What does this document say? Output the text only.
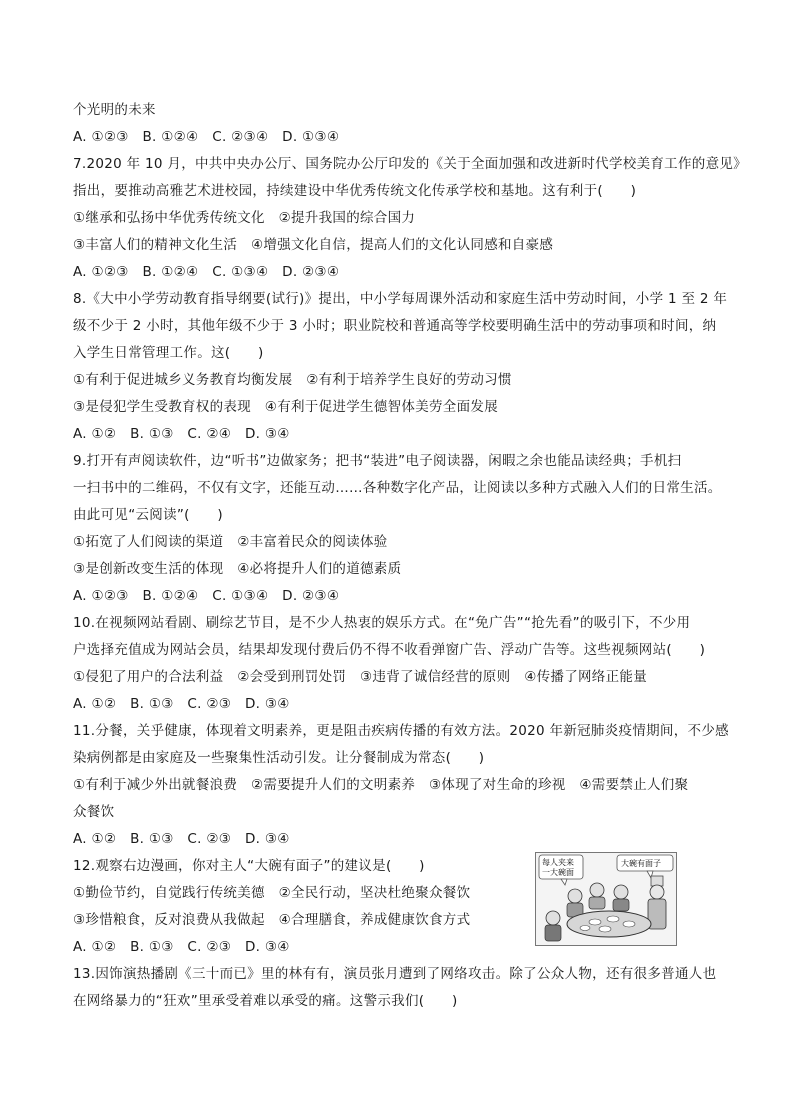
个光明的未来
A. ①②③　B. ①②④　C. ②③④　D. ①③④
7.2020 年 10 月，中共中央办公厅、国务院办公厅印发的《关于全面加强和改进新时代学校美育工作的意见》
指出，要推动高雅艺术进校园，持续建设中华优秀传统文化传承学校和基地。这有利于(　　)
①继承和弘扬中华优秀传统文化　②提升我国的综合国力
③丰富人们的精神文化生活　④增强文化自信，提高人们的文化认同感和自豪感
A. ①②③　B. ①②④　C. ①③④　D. ②③④
8.《大中小学劳动教育指导纲要(试行)》提出，中小学每周课外活动和家庭生活中劳动时间，小学 1 至 2 年
级不少于 2 小时，其他年级不少于 3 小时；职业院校和普通高等学校要明确生活中的劳动事项和时间，纳
入学生日常管理工作。这(　　)
①有利于促进城乡义务教育均衡发展　②有利于培养学生良好的劳动习惯
③是侵犯学生受教育权的表现　④有利于促进学生德智体美劳全面发展
A. ①②　B. ①③　C. ②④　D. ③④
9.打开有声阅读软件，边“听书”边做家务；把书“装进”电子阅读器，闲暇之余也能品读经典；手机扫
一扫书中的二维码，不仅有文字，还能互动……各种数字化产品，让阅读以多种方式融入人们的日常生活。
由此可见“云阅读”(　　)
①拓宽了人们阅读的渠道　②丰富着民众的阅读体验
③是创新改变生活的体现　④必将提升人们的道德素质
A. ①②③　B. ①②④　C. ①③④　D. ②③④
10.在视频网站看剧、刷综艺节目，是不少人热衷的娱乐方式。在“免广告”“抢先看”的吸引下，不少用
户选择充值成为网站会员，结果却发现付费后仍不得不收看弹窗广告、浮动广告等。这些视频网站(　　)
①侵犯了用户的合法利益　②会受到刑罚处罚　③违背了诚信经营的原则　④传播了网络正能量
A. ①②　B. ①③　C. ②③　D. ③④
11.分餐，关乎健康，体现着文明素养，更是阻击疾病传播的有效方法。2020 年新冠肺炎疫情期间，不少感
染病例都是由家庭及一些聚集性活动引发。让分餐制成为常态(　　)
①有利于减少外出就餐浪费　②需要提升人们的文明素养　③体现了对生命的珍视　④需要禁止人们聚
众餐饮
A. ①②　B. ①③　C. ②③　D. ③④
12.观察右边漫画，你对主人“大碗有面子”的建议是(　　)
①勤俭节约，自觉践行传统美德　②全民行动，坚决杜绝聚众餐饮
③珍惜粮食，反对浪费从我做起　④合理膳食，养成健康饮食方式
A. ①②　B. ①③　C. ②③　D. ③④
13.因饰演热播剧《三十而已》里的林有有，演员张月遭到了网络攻击。除了公众人物，还有很多普通人也
在网络暴力的“狂欢”里承受着难以承受的痛。这警示我们(　　)
每人夹来
一大碗面
大碗有面子
